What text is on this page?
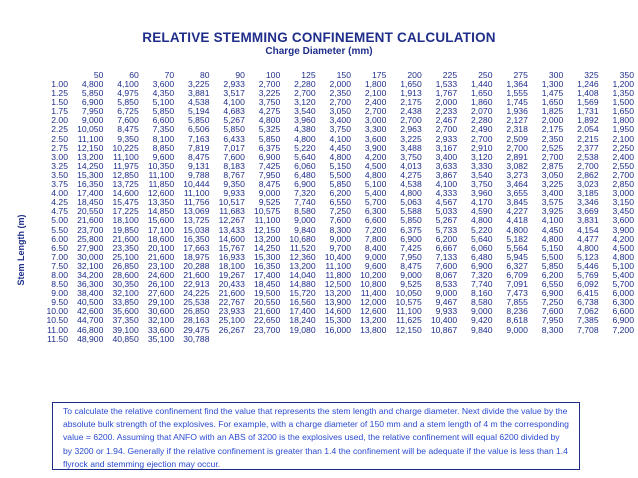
RELATIVE STEMMING CONFINEMENT CALCULATION
Charge Diameter (mm)
Stem Length (m)
	50	60	70	80	90	100	125	150	175	200	225	250	275	300	325	350
1.00	4,800	4,100	3,600	3,225	2,933	2,700	2,280	2,000	1,800	1,650	1,533	1,440	1,364	1,300	1,246	1,200
1.25	5,850	4,975	4,350	3,881	3,517	3,225	2,700	2,350	2,100	1,913	1,767	1,650	1,555	1,475	1,408	1,350
1.50	6,900	5,850	5,100	4,538	4,100	3,750	3,120	2,700	2,400	2,175	2,000	1,860	1,745	1,650	1,569	1,500
1.75	7,950	6,725	5,850	5,194	4,683	4,275	3,540	3,050	2,700	2,438	2,233	2,070	1,936	1,825	1,731	1,650
2.00	9,000	7,600	6,600	5,850	5,267	4,800	3,960	3,400	3,000	2,700	2,467	2,280	2,127	2,000	1,892	1,800
2.25	10,050	8,475	7,350	6,506	5,850	5,325	4,380	3,750	3,300	2,963	2,700	2,490	2,318	2,175	2,054	1,950
2.50	11,100	9,350	8,100	7,163	6,433	5,850	4,800	4,100	3,600	3,225	2,933	2,700	2,509	2,350	2,215	2,100
2.75	12,150	10,225	8,850	7,819	7,017	6,375	5,220	4,450	3,900	3,488	3,167	2,910	2,700	2,525	2,377	2,250
3.00	13,200	11,100	9,600	8,475	7,600	6,900	5,640	4,800	4,200	3,750	3,400	3,120	2,891	2,700	2,538	2,400
3.25	14,250	11,975	10,350	9,131	8,183	7,425	6,060	5,150	4,500	4,013	3,633	3,330	3,082	2,875	2,700	2,550
3.50	15,300	12,850	11,100	9,788	8,767	7,950	6,480	5,500	4,800	4,275	3,867	3,540	3,273	3,050	2,862	2,700
3.75	16,350	13,725	11,850	10,444	9,350	8,475	6,900	5,850	5,100	4,538	4,100	3,750	3,464	3,225	3,023	2,850
4.00	17,400	14,600	12,600	11,100	9,933	9,000	7,320	6,200	5,400	4,800	4,333	3,960	3,655	3,400	3,185	3,000
4.25	18,450	15,475	13,350	11,756	10,517	9,525	7,740	6,550	5,700	5,063	4,567	4,170	3,845	3,575	3,346	3,150
4.75	20,550	17,225	14,850	13,069	11,683	10,575	8,580	7,250	6,300	5,588	5,033	4,590	4,227	3,925	3,669	3,450
5.00	21,600	18,100	15,600	13,725	12,267	11,100	9,000	7,600	6,600	5,850	5,267	4,800	4,418	4,100	3,831	3,600
5.50	23,700	19,850	17,100	15,038	13,433	12,150	9,840	8,300	7,200	6,375	5,733	5,220	4,800	4,450	4,154	3,900
6.00	25,800	21,600	18,600	16,350	14,600	13,200	10,680	9,000	7,800	6,900	6,200	5,640	5,182	4,800	4,477	4,200
6.50	27,900	23,350	20,100	17,663	15,767	14,250	11,520	9,700	8,400	7,425	6,667	6,060	5,564	5,150	4,800	4,500
7.00	30,000	25,100	21,600	18,975	16,933	15,300	12,360	10,400	9,000	7,950	7,133	6,480	5,945	5,500	5,123	4,800
7.50	32,100	26,850	23,100	20,288	18,100	16,350	13,200	11,100	9,600	8,475	7,600	6,900	6,327	5,850	5,446	5,100
8.00	34,200	28,600	24,600	21,600	19,267	17,400	14,040	11,800	10,200	9,000	8,067	7,320	6,709	6,200	5,769	5,400
8.50	36,300	30,350	26,100	22,913	20,433	18,450	14,880	12,500	10,800	9,525	8,533	7,740	7,091	6,550	6,092	5,700
9.00	38,400	32,100	27,600	24,225	21,600	19,500	15,720	13,200	11,400	10,050	9,000	8,160	7,473	6,900	6,415	6,000
9.50	40,500	33,850	29,100	25,538	22,767	20,550	16,560	13,900	12,000	10,575	9,467	8,580	7,855	7,250	6,738	6,300
10.00	42,600	35,600	30,600	26,850	23,933	21,600	17,400	14,600	12,600	11,100	9,933	9,000	8,236	7,600	7,062	6,600
10.50	44,700	37,350	32,100	28,163	25,100	22,650	18,240	15,300	13,200	11,625	10,400	9,420	8,618	7,950	7,385	6,900
11.00	46,800	39,100	33,600	29,475	26,267	23,700	19,080	16,000	13,800	12,150	10,867	9,840	9,000	8,300	7,708	7,200
11.50	48,900	40,850	35,100	30,788												
To calculate the relative confinement find the value that represents the stem length and charge diameter. Next divide the value by the absolute bulk strength of the explosives. For example, with a charge diameter of 150 mm and a stem length of 4 m the corresponding value = 6200. Assuming that ANFO with an ABS of 3200 is the explosives used, the relative confinement will equal 6200 divided by by 3200 or 1.94. Generally if the relative confinement is greater than 1.4 the confinement will be adequate if the value is less than 1.4 flyrock and stemming ejection may occur.
